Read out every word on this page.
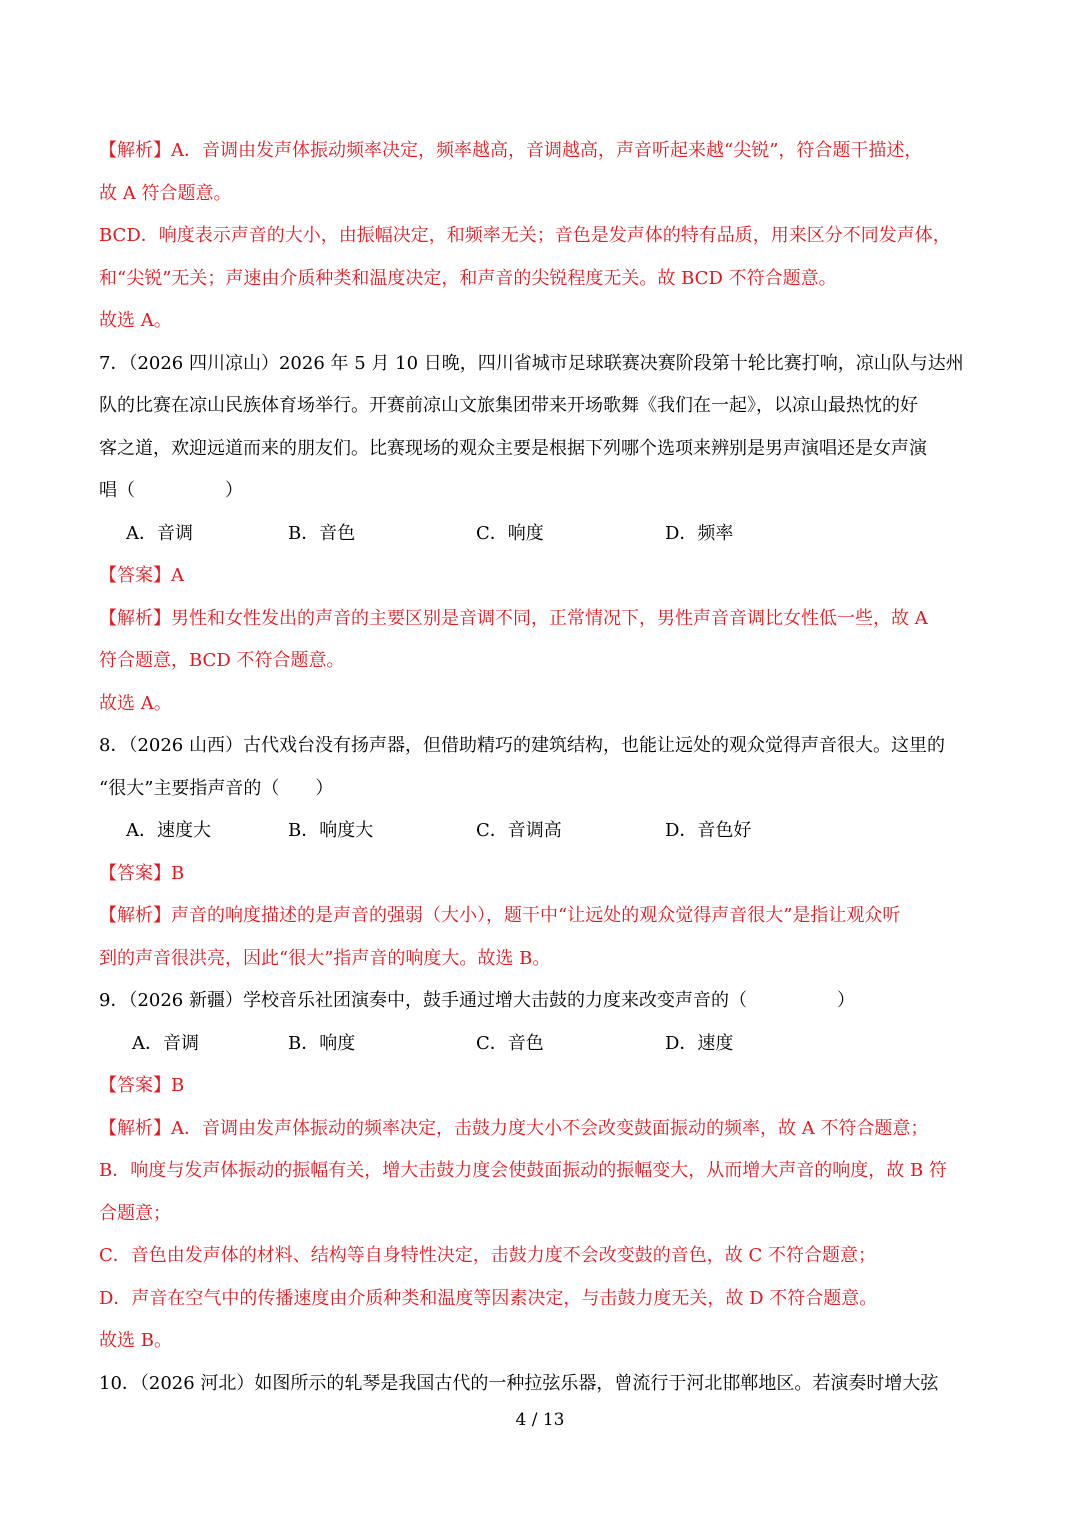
【解析】A．音调由发声体振动频率决定，频率越高，音调越高，声音听起来越“尖锐”，符合题干描述，
故 A 符合题意。
BCD．响度表示声音的大小，由振幅决定，和频率无关；音色是发声体的特有品质，用来区分不同发声体，
和“尖锐”无关；声速由介质种类和温度决定，和声音的尖锐程度无关。故 BCD 不符合题意。
故选 A。
7．（2026 四川凉山）2026 年 5 月 10 日晚，四川省城市足球联赛决赛阶段第十轮比赛打响，凉山队与达州
队的比赛在凉山民族体育场举行。开赛前凉山文旅集团带来开场歌舞《我们在一起》，以凉山最热忱的好
客之道，欢迎远道而来的朋友们。比赛现场的观众主要是根据下列哪个选项来辨别是男声演唱还是女声演
唱（　　　　　）
A．音调	B．音色	C．响度	D．频率
【答案】A
【解析】男性和女性发出的声音的主要区别是音调不同，正常情况下，男性声音音调比女性低一些，故 A
符合题意，BCD 不符合题意。
故选 A。
8．（2026 山西）古代戏台没有扬声器，但借助精巧的建筑结构，也能让远处的观众觉得声音很大。这里的
“很大”主要指声音的（　　）
A．速度大	B．响度大	C．音调高	D．音色好
【答案】B
【解析】声音的响度描述的是声音的强弱（大小），题干中“让远处的观众觉得声音很大”是指让观众听
到的声音很洪亮，因此“很大”指声音的响度大。故选 B。
9．（2026 新疆）学校音乐社团演奏中，鼓手通过增大击鼓的力度来改变声音的（　　　　　）
A．音调	B．响度	C．音色	D．速度
【答案】B
【解析】A．音调由发声体振动的频率决定，击鼓力度大小不会改变鼓面振动的频率，故 A 不符合题意；
B．响度与发声体振动的振幅有关，增大击鼓力度会使鼓面振动的振幅变大，从而增大声音的响度，故 B 符
合题意；
C．音色由发声体的材料、结构等自身特性决定，击鼓力度不会改变鼓的音色，故 C 不符合题意；
D．声音在空气中的传播速度由介质种类和温度等因素决定，与击鼓力度无关，故 D 不符合题意。
故选 B。
10．（2026 河北）如图所示的轧琴是我国古代的一种拉弦乐器，曾流行于河北邯郸地区。若演奏时增大弦
4 / 13
